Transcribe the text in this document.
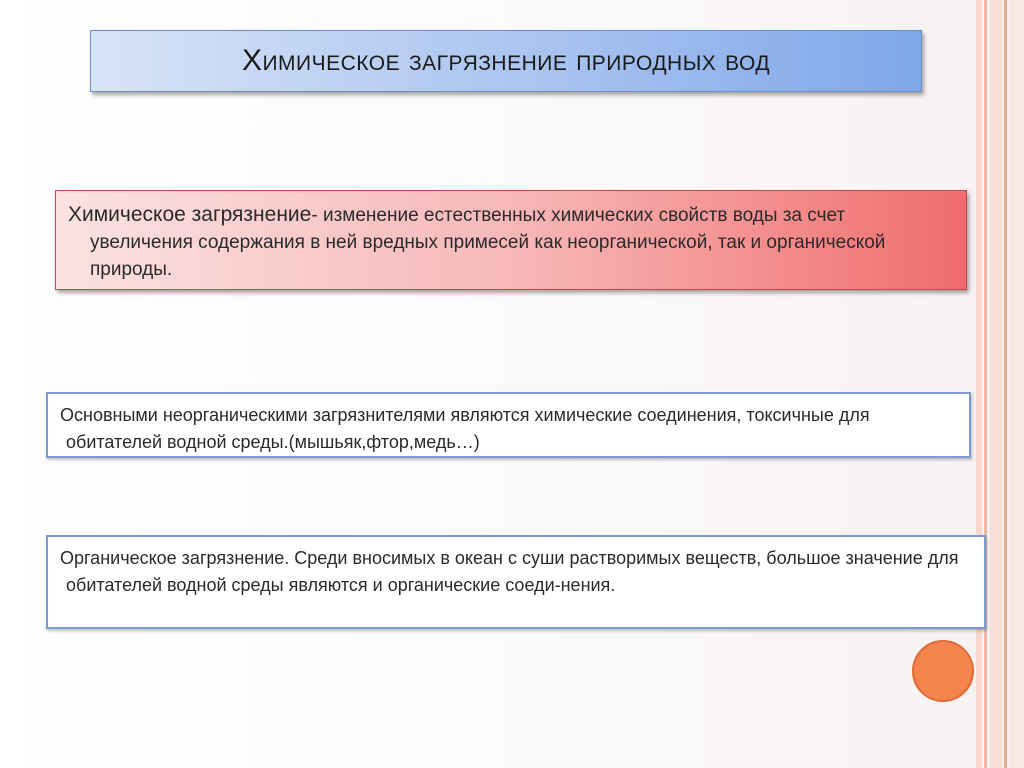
Химическое загрязнение природных вод
Химическое загрязнение- изменение естественных химических свойств воды за счет увеличения содержания в ней вредных примесей как неорганической, так и органической природы.
Основными неорганическими загрязнителями являются химические соединения, токсичные для обитателей водной среды.(мышьяк,фтор,медь…)
Органическое загрязнение. Среди вносимых в океан с суши растворимых веществ, большое значение для обитателей водной среды являются и органические соеди-нения.
